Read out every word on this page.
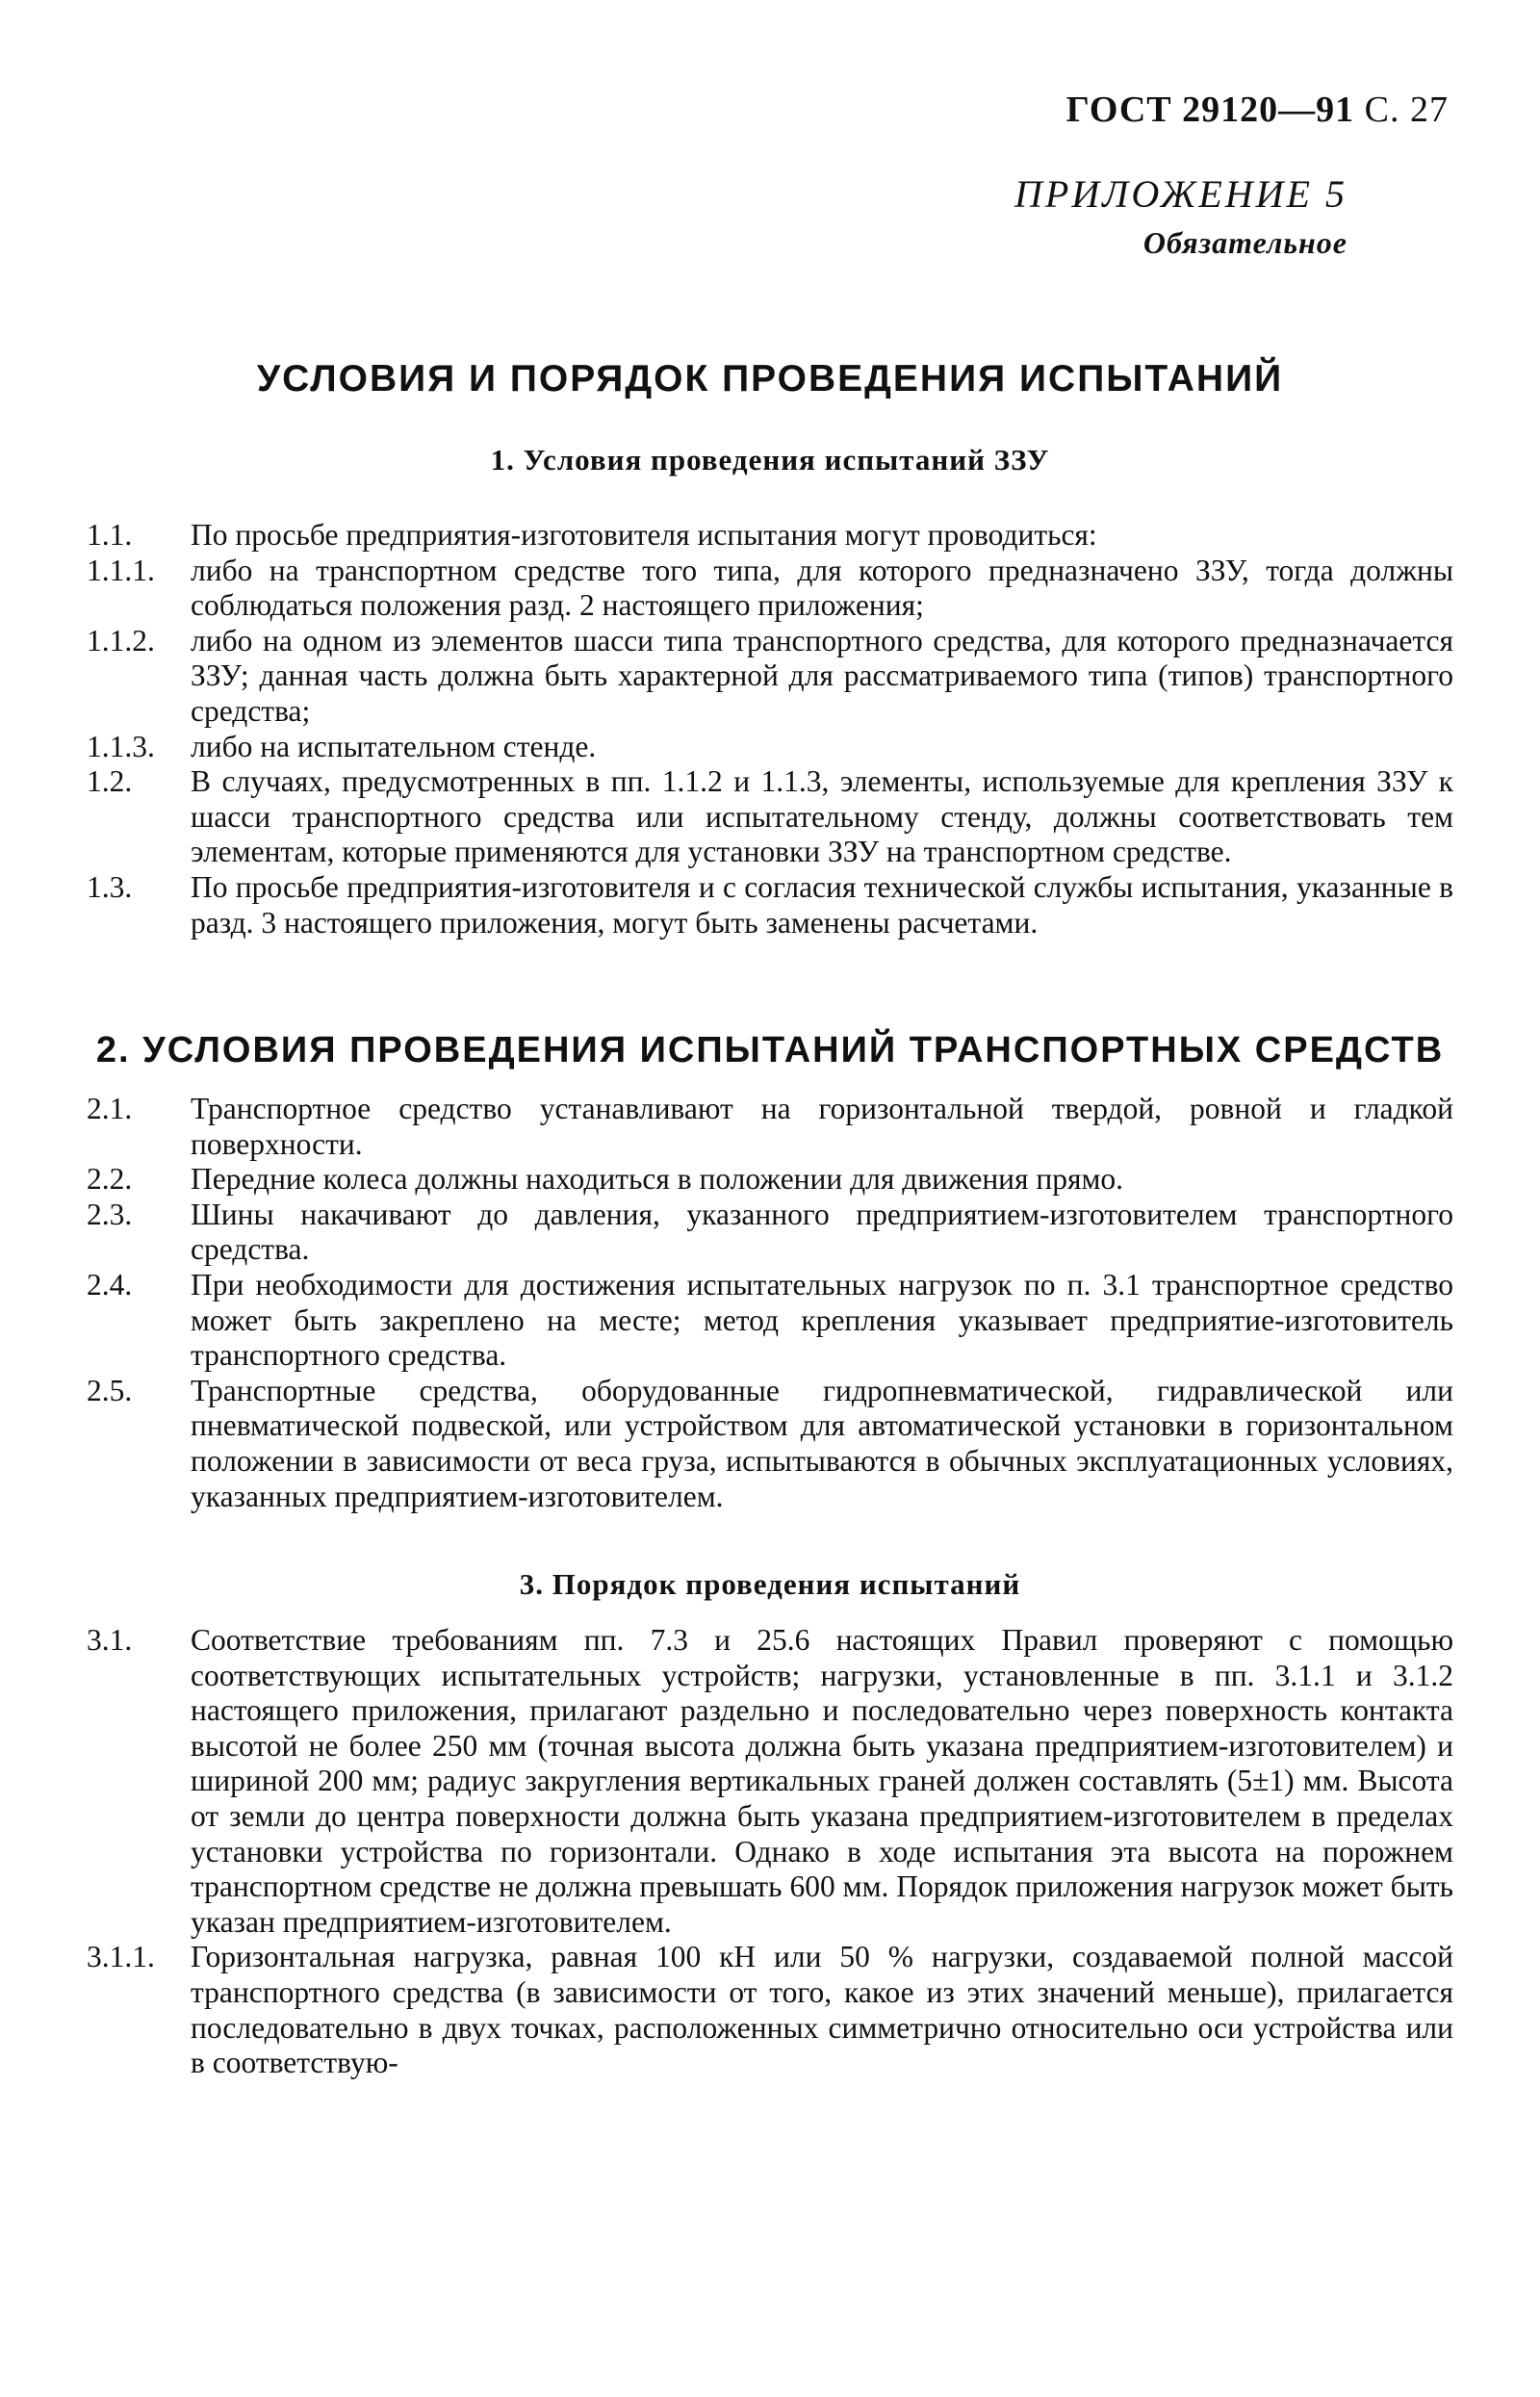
ГОСТ 29120—91 С. 27
ПРИЛОЖЕНИЕ 5
Обязательное
УСЛОВИЯ И ПОРЯДОК ПРОВЕДЕНИЯ ИСПЫТАНИЙ
1. Условия проведения испытаний ЗЗУ
1.1.	По просьбе предприятия-изготовителя испытания могут проводиться:
1.1.1.	либо на транспортном средстве того типа, для которого предназначено ЗЗУ, тогда должны соблюдаться положения разд. 2 настоящего приложения;
1.1.2.	либо на одном из элементов шасси типа транспортного средства, для которого предназначается ЗЗУ; данная часть должна быть характерной для рассматриваемого типа (типов) транспортного средства;
1.1.3.	либо на испытательном стенде.
1.2.	В случаях, предусмотренных в пп. 1.1.2 и 1.1.3, элементы, используемые для крепления ЗЗУ к шасси транспортного средства или испытательному стенду, должны соответствовать тем элементам, которые применяются для установки ЗЗУ на транспортном средстве.
1.3.	По просьбе предприятия-изготовителя и с согласия технической службы испытания, указанные в разд. 3 настоящего приложения, могут быть заменены расчетами.
2. УСЛОВИЯ ПРОВЕДЕНИЯ ИСПЫТАНИЙ ТРАНСПОРТНЫХ СРЕДСТВ
2.1.	Транспортное средство устанавливают на горизонтальной твердой, ровной и гладкой поверхности.
2.2.	Передние колеса должны находиться в положении для движения прямо.
2.3.	Шины накачивают до давления, указанного предприятием-изготовителем транспортного средства.
2.4.	При необходимости для достижения испытательных нагрузок по п. 3.1 транспортное средство может быть закреплено на месте; метод крепления указывает предприятие-изготовитель транспортного средства.
2.5.	Транспортные средства, оборудованные гидропневматической, гидравлической или пневматической подвеской, или устройством для автоматической установки в горизонтальном положении в зависимости от веса груза, испытываются в обычных эксплуатационных условиях, указанных предприятием-изготовителем.
3. Порядок проведения испытаний
3.1.	Соответствие требованиям пп. 7.3 и 25.6 настоящих Правил проверяют с помощью соответствующих испытательных устройств; нагрузки, установленные в пп. 3.1.1 и 3.1.2 настоящего приложения, прилагают раздельно и последовательно через поверхность контакта высотой не более 250 мм (точная высота должна быть указана предприятием-изготовителем) и шириной 200 мм; радиус закругления вертикальных граней должен составлять (5±1) мм. Высота от земли до центра поверхности должна быть указана предприятием-изготовителем в пределах установки устройства по горизонтали. Однако в ходе испытания эта высота на порожнем транспортном средстве не должна превышать 600 мм. Порядок приложения нагрузок может быть указан предприятием-изготовителем.
3.1.1.	Горизонтальная нагрузка, равная 100 кН или 50 % нагрузки, создаваемой полной массой транспортного средства (в зависимости от того, какое из этих значений меньше), прилагается последовательно в двух точках, расположенных симметрично относительно оси устройства или в соответствую-
